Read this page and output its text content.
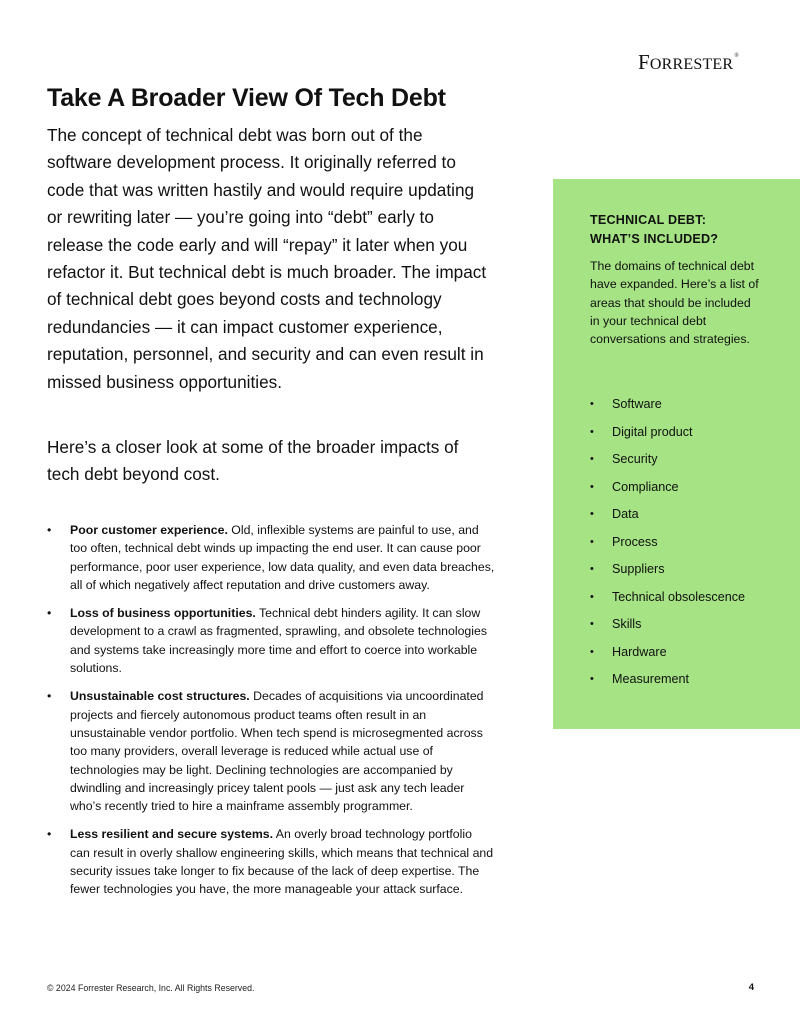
FORRESTER®
Take A Broader View Of Tech Debt

The concept of technical debt was born out of the software development process. It originally referred to code that was written hastily and would require updating or rewriting later — you’re going into “debt” early to release the code early and will “repay” it later when you refactor it. But technical debt is much broader. The impact of technical debt goes beyond costs and technology redundancies — it can impact customer experience, reputation, personnel, and security and can even result in missed business opportunities.

Here’s a closer look at some of the broader impacts of tech debt beyond cost.

• Poor customer experience. Old, inflexible systems are painful to use, and too often, technical debt winds up impacting the end user. It can cause poor performance, poor user experience, low data quality, and even data breaches, all of which negatively affect reputation and drive customers away.
• Loss of business opportunities. Technical debt hinders agility. It can slow development to a crawl as fragmented, sprawling, and obsolete technologies and systems take increasingly more time and effort to coerce into workable solutions.
• Unsustainable cost structures. Decades of acquisitions via uncoordinated projects and fiercely autonomous product teams often result in an unsustainable vendor portfolio. When tech spend is microsegmented across too many providers, overall leverage is reduced while actual use of technologies may be light. Declining technologies are accompanied by dwindling and increasingly pricey talent pools — just ask any tech leader who’s recently tried to hire a mainframe assembly programmer.
• Less resilient and secure systems. An overly broad technology portfolio can result in overly shallow engineering skills, which means that technical and security issues take longer to fix because of the lack of deep expertise. The fewer technologies you have, the more manageable your attack surface.

TECHNICAL DEBT:
WHAT’S INCLUDED?

The domains of technical debt have expanded. Here’s a list of areas that should be included in your technical debt conversations and strategies.

• Software
• Digital product
• Security
• Compliance
• Data
• Process
• Suppliers
• Technical obsolescence
• Skills
• Hardware
• Measurement
© 2024 Forrester Research, Inc. All Rights Reserved.	4
